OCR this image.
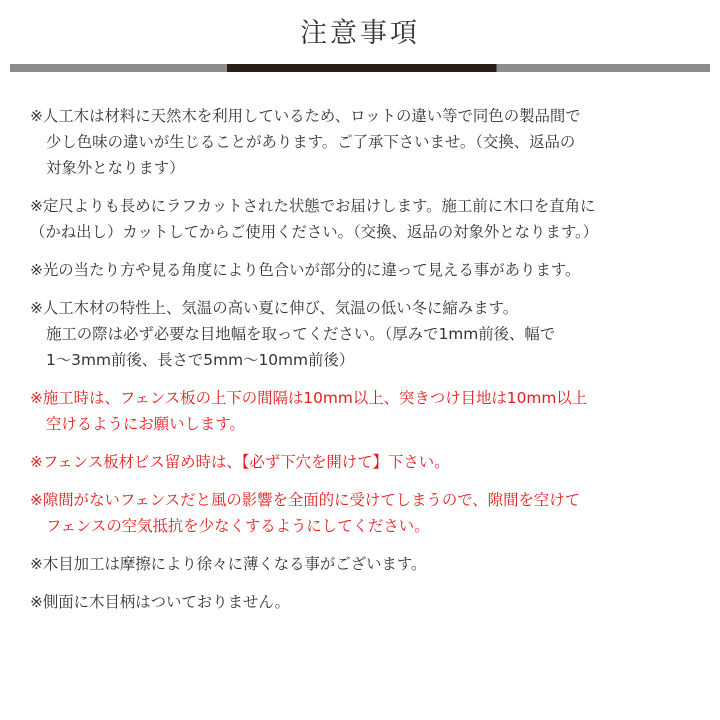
注意事項
※人工木は材料に天然木を利用しているため、ロットの違い等で同色の製品間で
少し色味の違いが生じることがあります。ご了承下さいませ。（交換、返品の
対象外となります）
※定尺よりも長めにラフカットされた状態でお届けします。施工前に木口を直角に
（かね出し）カットしてからご使用ください。（交換、返品の対象外となります。）
※光の当たり方や見る角度により色合いが部分的に違って見える事があります。
※人工木材の特性上、気温の高い夏に伸び、気温の低い冬に縮みます。
施工の際は必ず必要な目地幅を取ってください。（厚みで1mm前後、幅で
1～3mm前後、長さで5mm～10mm前後）
※施工時は、フェンス板の上下の間隔は10mm以上、突きつけ目地は10mm以上
空けるようにお願いします。
※フェンス板材ビス留め時は、【必ず下穴を開けて】下さい。
※隙間がないフェンスだと風の影響を全面的に受けてしまうので、隙間を空けて
フェンスの空気抵抗を少なくするようにしてください。
※木目加工は摩擦により徐々に薄くなる事がございます。
※側面に木目柄はついておりません。
